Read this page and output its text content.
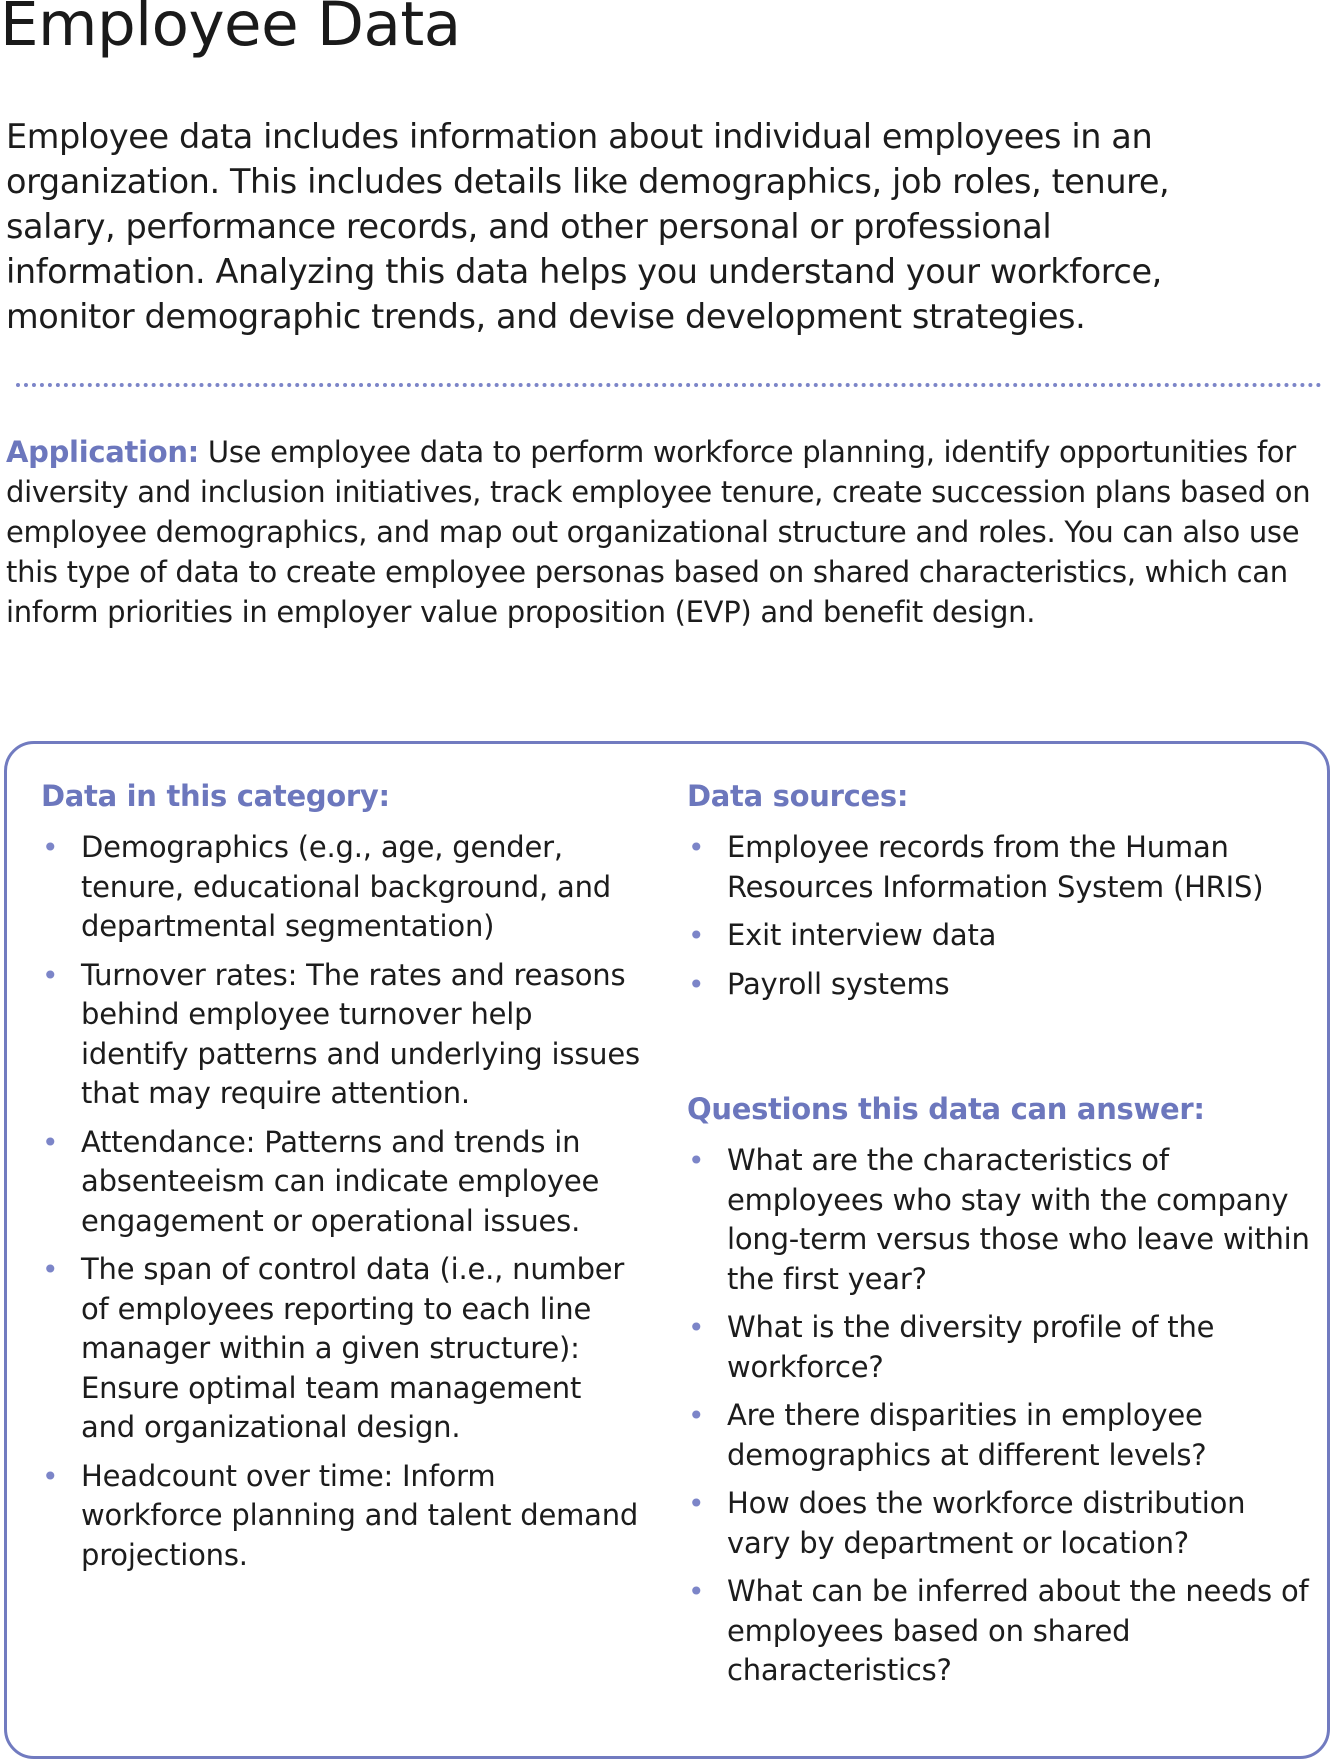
Employee Data

Employee data includes information about individual employees in an organization. This includes details like demographics, job roles, tenure, salary, performance records, and other personal or professional information. Analyzing this data helps you understand your workforce, monitor demographic trends, and devise development strategies.

Application: Use employee data to perform workforce planning, identify opportunities for diversity and inclusion initiatives, track employee tenure, create succession plans based on employee demographics, and map out organizational structure and roles. You can also use this type of data to create employee personas based on shared characteristics, which can inform priorities in employer value proposition (EVP) and benefit design.

Data in this category:
• Demographics (e.g., age, gender, tenure, educational background, and departmental segmentation)
• Turnover rates: The rates and reasons behind employee turnover help identify patterns and underlying issues that may require attention.
• Attendance: Patterns and trends in absenteeism can indicate employee engagement or operational issues.
• The span of control data (i.e., number of employees reporting to each line manager within a given structure): Ensure optimal team management and organizational design.
• Headcount over time: Inform workforce planning and talent demand projections.
Data sources:
• Employee records from the Human Resources Information System (HRIS)
• Exit interview data
• Payroll systems
Questions this data can answer:
• What are the characteristics of employees who stay with the company long-term versus those who leave within the first year?
• What is the diversity profile of the workforce?
• Are there disparities in employee demographics at different levels?
• How does the workforce distribution vary by department or location?
• What can be inferred about the needs of employees based on shared characteristics?
